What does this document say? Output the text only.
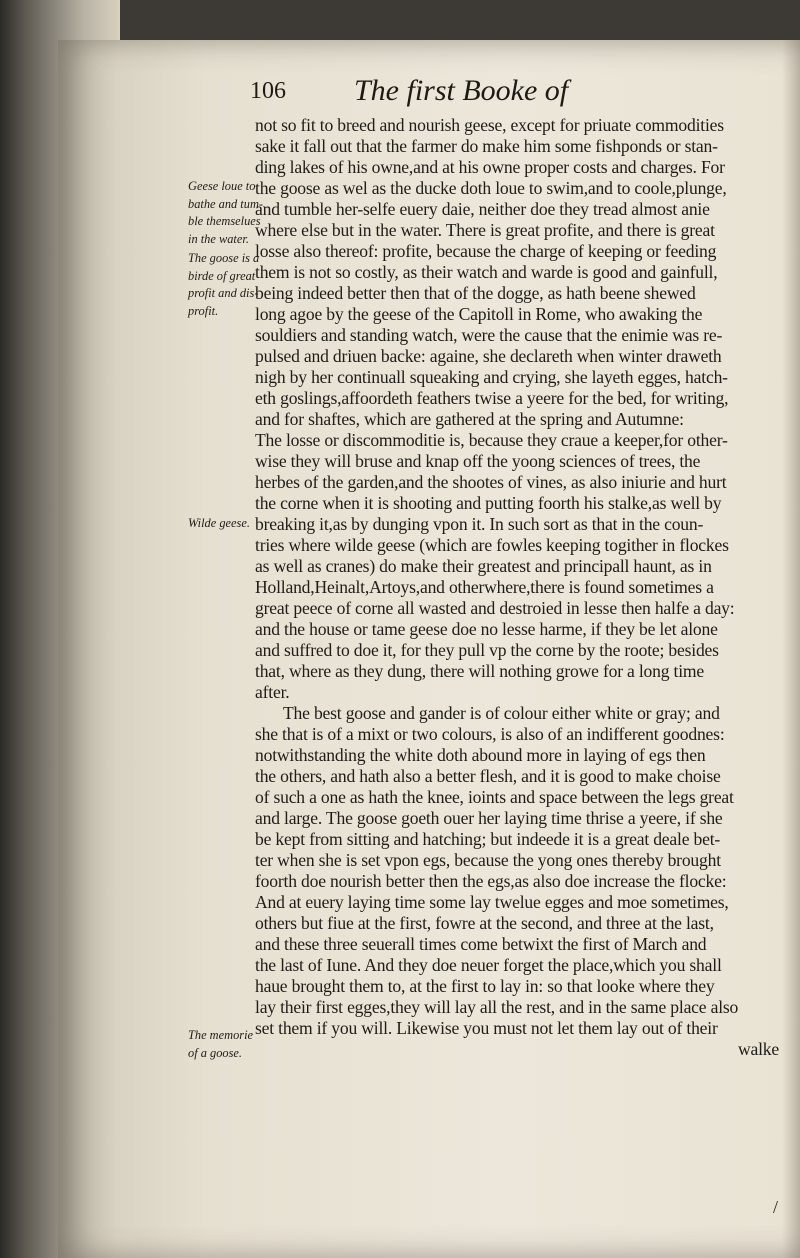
106 The first Booke of
not so fit to breed and nourish geese, except for priuate commodities
sake it fall out that the farmer do make him some fishponds or stan-
ding lakes of his owne,and at his owne proper costs and charges. For
the goose as wel as the ducke doth loue to swim,and to coole,plunge,
and tumble her-selfe euery daie, neither doe they tread almost anie
where else but in the water. There is great profite, and there is great
losse also thereof: profite, because the charge of keeping or feeding
them is not so costly, as their watch and warde is good and gainfull,
being indeed better then that of the dogge, as hath beene shewed
long agoe by the geese of the Capitoll in Rome, who awaking the
souldiers and standing watch, were the cause that the enimie was re-
pulsed and driuen backe: againe, she declareth when winter draweth
nigh by her continuall squeaking and crying, she layeth egges, hatch-
eth goslings,affoordeth feathers twise a yeere for the bed, for writing,
and for shaftes, which are gathered at the spring and Autumne:
The losse or discommoditie is, because they craue a keeper,for other-
wise they will bruse and knap off the yoong sciences of trees, the
herbes of the garden,and the shootes of vines, as also iniurie and hurt
the corne when it is shooting and putting foorth his stalke,as well by
breaking it,as by dunging vpon it. In such sort as that in the coun-
tries where wilde geese (which are fowles keeping togither in flockes
as well as cranes) do make their greatest and principall haunt, as in
Holland,Heinalt,Artoys,and otherwhere,there is found sometimes a
great peece of corne all wasted and destroied in lesse then halfe a day:
and the house or tame geese doe no lesse harme, if they be let alone
and suffred to doe it, for they pull vp the corne by the roote; besides
that, where as they dung, there will nothing growe for a long time
after.
The best goose and gander is of colour either white or gray; and
she that is of a mixt or two colours, is also of an indifferent goodnes:
notwithstanding the white doth abound more in laying of egs then
the others, and hath also a better flesh, and it is good to make choise
of such a one as hath the knee, ioints and space between the legs great
and large. The goose goeth ouer her laying time thrise a yeere, if she
be kept from sitting and hatching; but indeede it is a great deale bet-
ter when she is set vpon egs, because the yong ones thereby brought
foorth doe nourish better then the egs,as also doe increase the flocke:
And at euery laying time some lay twelue egges and moe sometimes,
others but fiue at the first, fowre at the second, and three at the last,
and these three seuerall times come betwixt the first of March and
the last of Iune. And they doe neuer forget the place,which you shall
haue brought them to, at the first to lay in: so that looke where they
lay their first egges,they will lay all the rest, and in the same place also
set them if you will. Likewise you must not let them lay out of their
walke
Geese loue to
bathe and tum-
ble themselues
in the water.
The goose is a
birde of great
profit and dis-
profit.
Wilde geese.
The memorie
of a goose.
/
